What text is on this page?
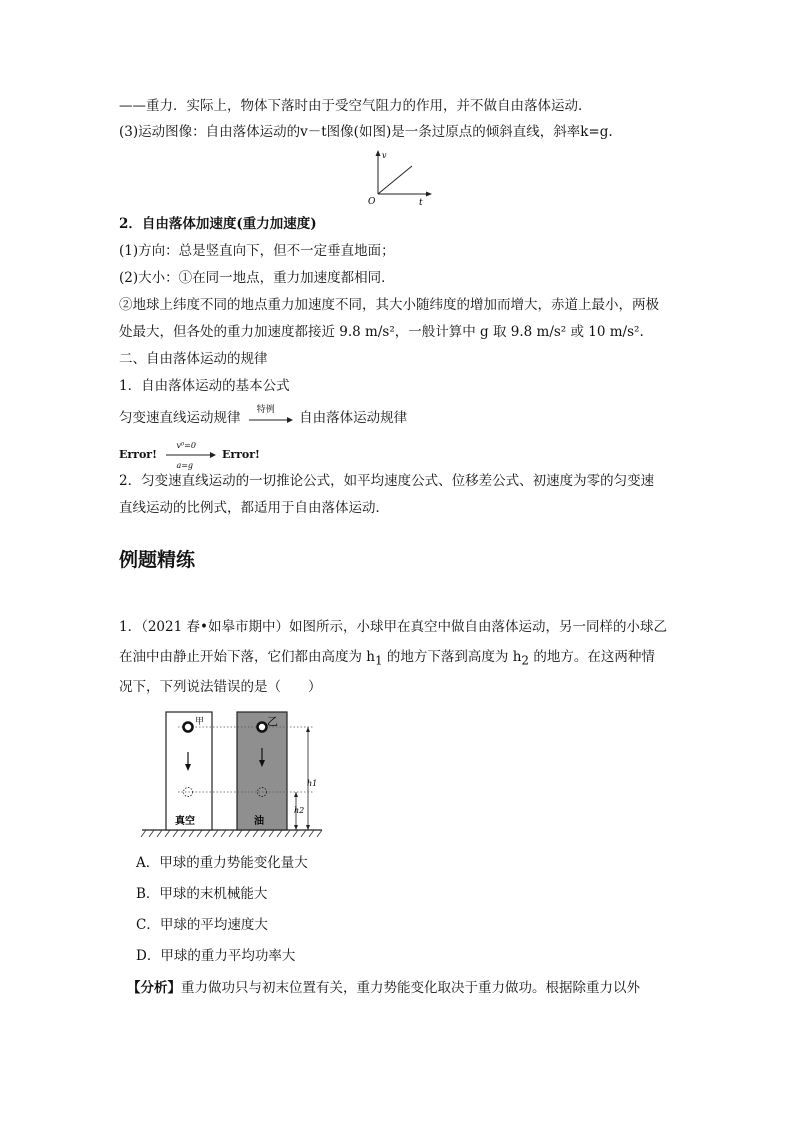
——重力．实际上，物体下落时由于受空气阻力的作用，并不做自由落体运动．
(3)运动图像：自由落体运动的v－t图像(如图)是一条过原点的倾斜直线，斜率k=g.
v
O	t
2．自由落体加速度(重力加速度)
(1)方向：总是竖直向下，但不一定垂直地面；
(2)大小：①在同一地点，重力加速度都相同．
②地球上纬度不同的地点重力加速度不同，其大小随纬度的增加而增大，赤道上最小，两极
处最大，但各处的重力加速度都接近 9.8 m/s²，一般计算中 g 取 9.8 m/s² 或 10 m/s².
二、自由落体运动的规律
1．自由落体运动的基本公式
匀变速直线运动规律
特例
自由落体运动规律
Error!
v⁰=0
a=g
Error!
2．匀变速直线运动的一切推论公式，如平均速度公式、位移差公式、初速度为零的匀变速
直线运动的比例式，都适用于自由落体运动．
例题精练
1．（2021 春•如皋市期中）如图所示，小球甲在真空中做自由落体运动，另一同样的小球乙
在油中由静止开始下落，它们都由高度为 $h_1$ 的地方下落到高度为 $h_2$ 的地方。在这两种情
况下，下列说法错误的是（　　）
甲	乙
真空	油
h1
h2
A．甲球的重力势能变化量大
B．甲球的末机械能大
C．甲球的平均速度大
D．甲球的重力平均功率大
【分析】重力做功只与初末位置有关，重力势能变化取决于重力做功。根据除重力以外
